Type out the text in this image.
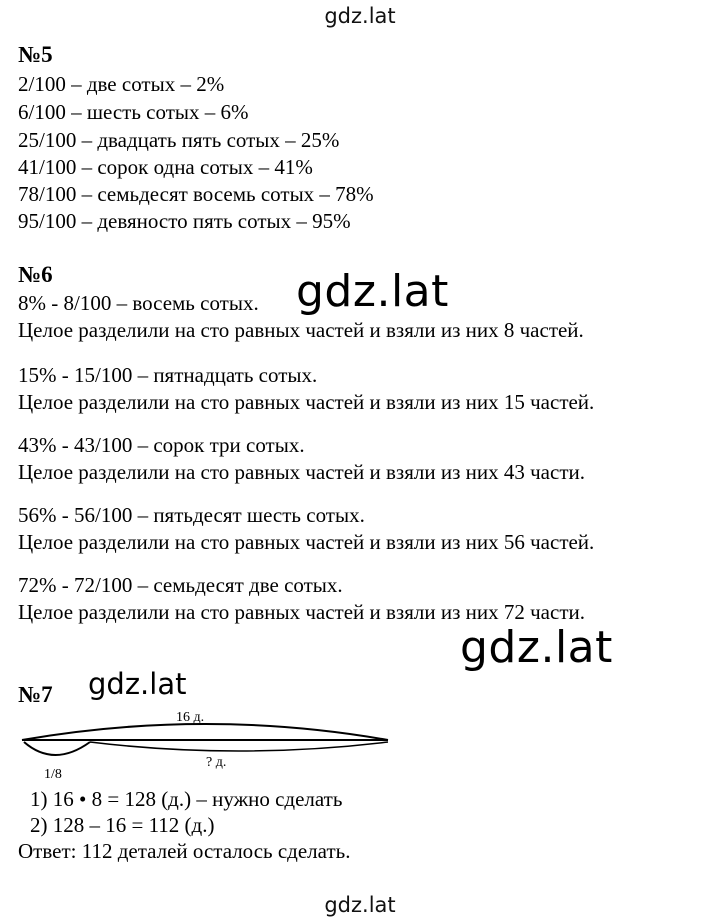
gdz.lat
№5
2/100 – две сотых – 2%
6/100 – шесть сотых – 6%
25/100 – двадцать пять сотых – 25%
41/100 – сорок одна сотых – 41%
78/100 – семьдесят восемь сотых – 78%
95/100 – девяносто пять сотых – 95%
№6
8% - 8/100 – восемь сотых.
Целое разделили на сто равных частей и взяли из них 8 частей.
15% - 15/100 – пятнадцать сотых.
Целое разделили на сто равных частей и взяли из них 15 частей.
43% - 43/100 – сорок три сотых.
Целое разделили на сто равных частей и взяли из них 43 части.
56% - 56/100 – пятьдесят шесть сотых.
Целое разделили на сто равных частей и взяли из них 56 частей.
72% - 72/100 – семьдесят две сотых.
Целое разделили на сто равных частей и взяли из них 72 части.
gdz.lat
gdz.lat
№7 gdz.lat
16 д.
? д.
1/8
1) 16 • 8 = 128 (д.) – нужно сделать
2) 128 – 16 = 112 (д.)
Ответ: 112 деталей осталось сделать.
gdz.lat
